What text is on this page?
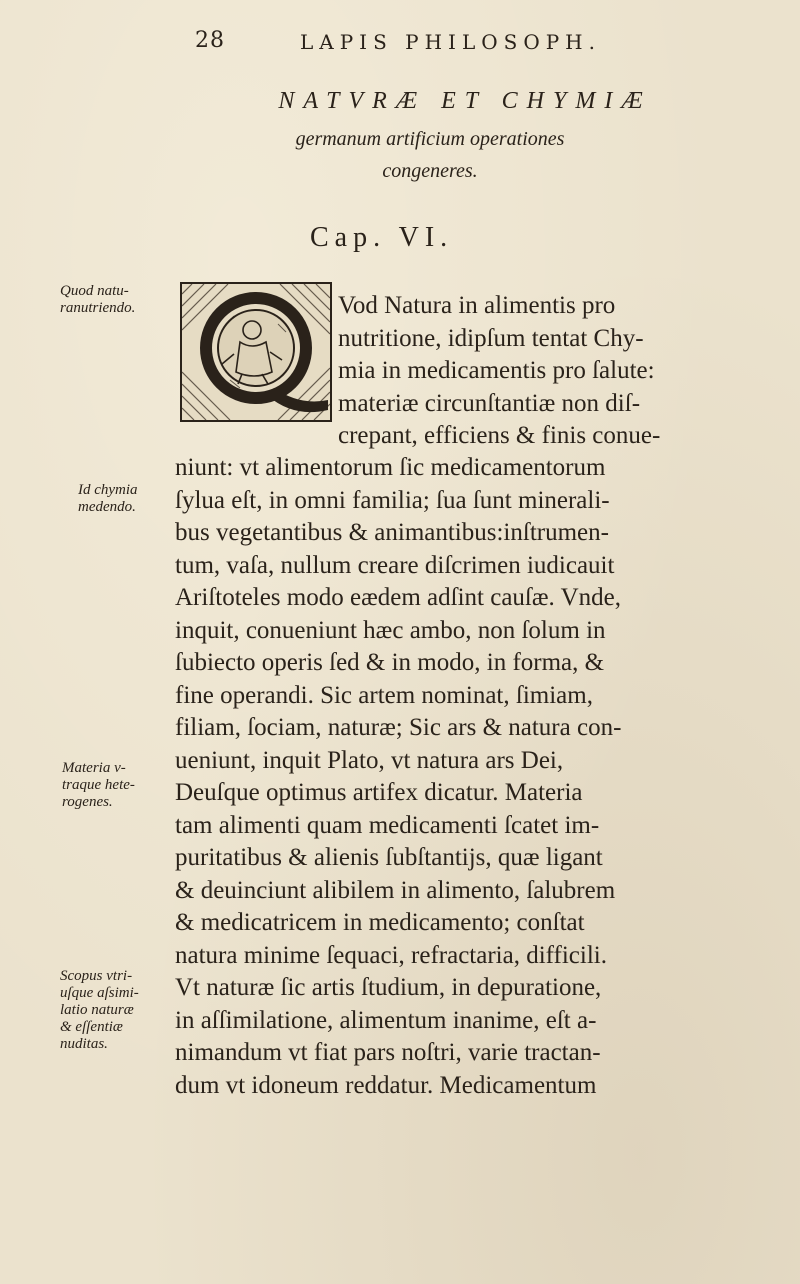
28	LAPIS PHILOSOPH.
NATVRÆ ET CHYMIÆ
germanum artificium operationes
congeneres.
Cap. VI.
Vod Natura in alimentis pro
nutritione, idipſum tentat Chy-
mia in medicamentis pro ſalute:
materiæ circunſtantiæ non diſ-
crepant, efficiens & finis conue-
niunt: vt alimentorum ſic medicamentorum
ſylua eſt, in omni familia; ſua ſunt minerali-
bus vegetantibus & animantibus:inſtrumen-
tum, vaſa, nullum creare diſcrimen iudicauit
Ariſtoteles modo eædem adſint cauſæ. Vnde,
inquit, conueniunt hæc ambo, non ſolum in
ſubiecto operis ſed & in modo, in forma, &
fine operandi. Sic artem nominat, ſimiam,
filiam, ſociam, naturæ; Sic ars & natura con-
ueniunt, inquit Plato, vt natura ars Dei,
Deuſque optimus artifex dicatur. Materia
tam alimenti quam medicamenti ſcatet im-
puritatibus & alienis ſubſtantijs, quæ ligant
& deuinciunt alibilem in alimento, ſalubrem
& medicatricem in medicamento; conſtat
natura minime ſequaci, refractaria, difficili.
Vt naturæ ſic artis ſtudium, in depuratione,
in aſſimilatione, alimentum inanime, eſt a-
nimandum vt fiat pars noſtri, varie tractan-
dum vt idoneum reddatur. Medicamentum
Quod natu-
ranutriendo.
Id chymia
medendo.
Materia v-
traque hete-
rogenes.
Scopus vtri-
uſque aſsimi-
latio naturæ
& eſſentiæ
nuditas.
